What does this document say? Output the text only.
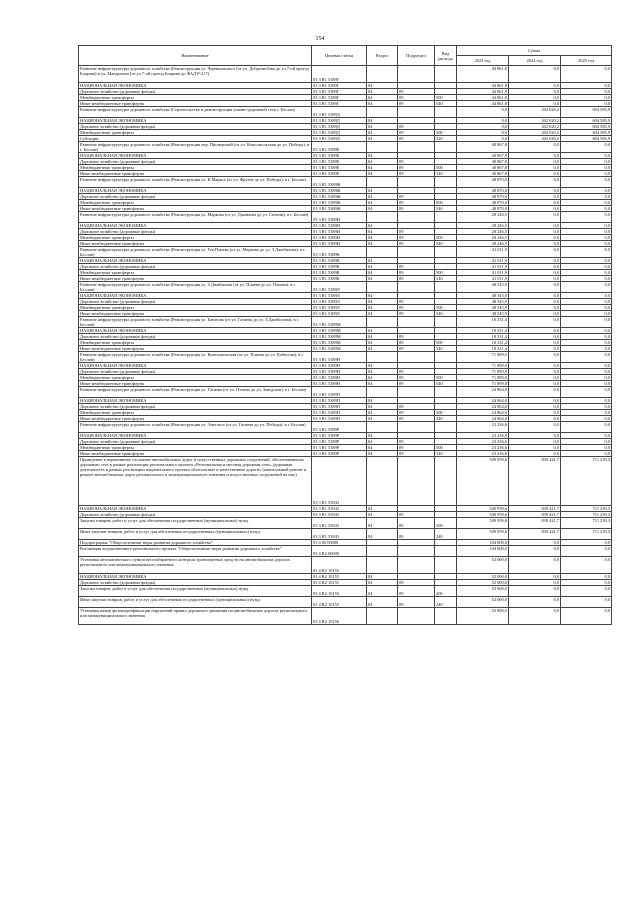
154
Наименование	Целевая статья	Раздел	Подраздел	Вид расхода	Сумма		
					2023 год	2024 год	2025 год
Развитие инфраструктуры дорожного хозяйства (Реконструкция ул. Черняховского (от ул. Добролюбова до ул.7-ой проезд Боярова) и ул. Мандычева (от ул.7-ой проезд Боярова до ФАД Р-217)	03 3 R1 5389Г				44 861,8	0,0	0,0
НАЦИОНАЛЬНАЯ ЭКОНОМИКА	03 3 R1 5389Г	04			44 861,8	0,0	0,0
Дорожное хозяйство (дорожные фонды)	03 3 R1 5389Г	04	09		44 861,8	0,0	0,0
Межбюджетные трансферты	03 3 R1 5389Г	04	09	500	44 861,8	0,0	0,0
Иные межбюджетные трансферты	03 3 R1 5389Г	04	09	540	44 861,8	0,0	0,0
Развитие инфраструктуры дорожного хозяйства (Строительство и реконструкция улично-дорожной сети г. Беслан)	03 3 R1 5389Д				0,0	202 020,2	694 585,9
НАЦИОНАЛЬНАЯ ЭКОНОМИКА	03 3 R1 5389Д	04			0,0	202 020,2	694 585,9
Дорожное хозяйство (дорожные фонды)	03 3 R1 5389Д	04	09		0,0	202 020,2	694 585,9
Межбюджетные трансферты	03 3 R1 5389Д	04	09	500	0,0	202 020,2	694 585,9
Субсидии	03 3 R1 5389Д	04	09	520	0,0	202 020,2	694 585,9
Развитие инфраструктуры дорожного хозяйства (Реконструкция пер. Пионерский (от ул. Комсомольская до ул. Победы), в г. Беслан)	03 3 R1 5389Е				40 867,8	0,0	0,0
НАЦИОНАЛЬНАЯ ЭКОНОМИКА	03 3 R1 5389Е	04			40 867,8	0,0	0,0
Дорожное хозяйство (дорожные фонды)	03 3 R1 5389Е	04	09		40 867,8	0,0	0,0
Межбюджетные трансферты	03 3 R1 5389Е	04	09	500	40 867,8	0,0	0,0
Иные межбюджетные трансферты	03 3 R1 5389Е	04	09	540	40 867,8	0,0	0,0
Развитие инфраструктуры дорожного хозяйства (Реконструкция ул. К.Маркса (от ул. Фрунзе до ул. Победы), в г. Беслан)	03 3 R1 5389Ж				48 870,0	0,0	0,0
НАЦИОНАЛЬНАЯ ЭКОНОМИКА	03 3 R1 5389Ж	04			48 870,0	0,0	0,0
Дорожное хозяйство (дорожные фонды)	03 3 R1 5389Ж	04	09		48 870,0	0,0	0,0
Межбюджетные трансферты	03 3 R1 5389Ж	04	09	500	48 870,0	0,0	0,0
Иные межбюджетные трансферты	03 3 R1 5389Ж	04	09	540	48 870,0	0,0	0,0
Развитие инфраструктуры дорожного хозяйства (Реконструкция ул. Маркова (от ул. Джанаева до ул. Гагиева), в г. Беслан)	03 3 R1 5389И				28 246,5	0,0	0,0
НАЦИОНАЛЬНАЯ ЭКОНОМИКА	03 3 R1 5389И	04			28 246,5	0,0	0,0
Дорожное хозяйство (дорожные фонды)	03 3 R1 5389И	04	09		28 246,5	0,0	0,0
Межбюджетные трансферты	03 3 R1 5389И	04	09	500	28 246,5	0,0	0,0
Иные межбюджетные трансферты	03 3 R1 5389И	04	09	540	28 246,5	0,0	0,0
Развитие инфраструктуры дорожного хозяйства (Реконструкция ул. Гек.Плиева (от ул. Маркова до ул. З.Джибилова), в г. Беслан)	03 3 R1 5389К				41 011,9	0,0	0,0
НАЦИОНАЛЬНАЯ ЭКОНОМИКА	03 3 R1 5389К	04			41 011,9	0,0	0,0
Дорожное хозяйство (дорожные фонды)	03 3 R1 5389К	04	09		41 011,9	0,0	0,0
Межбюджетные трансферты	03 3 R1 5389К	04	09	500	41 011,9	0,0	0,0
Иные межбюджетные трансферты	03 3 R1 5389К	04	09	540	41 011,9	0,0	0,0
Развитие инфраструктуры дорожного хозяйства (Реконструкция ул. З.Джибилова (от ул. Плиева до ул. Плиева), в г. Беслан)	03 3 R1 5389Л				48 545,9	0,0	0,0
НАЦИОНАЛЬНАЯ ЭКОНОМИКА	03 3 R1 5389Л	04			48 545,9	0,0	0,0
Дорожное хозяйство (дорожные фонды)	03 3 R1 5389Л	04	09		48 545,9	0,0	0,0
Межбюджетные трансферты	03 3 R1 5389Л	04	09	500	48 545,9	0,0	0,0
Иные межбюджетные трансферты	03 3 R1 5389Л	04	09	540	48 545,9	0,0	0,0
Развитие инфраструктуры дорожного хозяйства (Реконструкция ул. Батагова (от ул. Гагиева до ул. З.Джибилова), в г. Беслан)	03 3 R1 5389М				18 331,4	0,0	0,0
НАЦИОНАЛЬНАЯ ЭКОНОМИКА	03 3 R1 5389М	04			18 331,4	0,0	0,0
Дорожное хозяйство (дорожные фонды)	03 3 R1 5389М	04	09		18 331,4	0,0	0,0
Межбюджетные трансферты	03 3 R1 5389М	04	09	500	18 331,4	0,0	0,0
Иные межбюджетные трансферты	03 3 R1 5389М	04	09	540	18 331,4	0,0	0,0
Развитие инфраструктуры дорожного хозяйства (Реконструкция ул. Комсомольская (от ул. Плиева до ул. Кабисова), в г. Беслан)	03 3 R1 5389Н				71 899,0	0,0	0,0
НАЦИОНАЛЬНАЯ ЭКОНОМИКА	03 3 R1 5389Н	04			71 899,0	0,0	0,0
Дорожное хозяйство (дорожные фонды)	03 3 R1 5389Н	04	09		71 899,0	0,0	0,0
Межбюджетные трансферты	03 3 R1 5389Н	04	09	500	71 899,0	0,0	0,0
Иные межбюджетные трансферты	03 3 R1 5389Н	04	09	540	71 899,0	0,0	0,0
Развитие инфраструктуры дорожного хозяйства (Реконструкция ул. Гагиева (от ул. Плиева до ул. Заводская), в г. Беслан)	03 3 R1 5389П				24 864,0	0,0	0,0
НАЦИОНАЛЬНАЯ ЭКОНОМИКА	03 3 R1 5389П	04			24 864,0	0,0	0,0
Дорожное хозяйство (дорожные фонды)	03 3 R1 5389П	04	09		24 864,0	0,0	0,0
Межбюджетные трансферты	03 3 R1 5389П	04	09	500	24 864,0	0,0	0,0
Иные межбюджетные трансферты	03 3 R1 5389П	04	09	540	24 864,0	0,0	0,0
Развитие инфраструктуры дорожного хозяйства (Реконструкция ул. Энгельса (от ул. Гагиева до ул. Победы), в г. Беслан)	03 3 R1 5389Р				23 236,6	0,0	0,0
НАЦИОНАЛЬНАЯ ЭКОНОМИКА	03 3 R1 5389Р	04			23 236,6	0,0	0,0
Дорожное хозяйство (дорожные фонды)	03 3 R1 5389Р	04	09		23 236,6	0,0	0,0
Межбюджетные трансферты	03 3 R1 5389Р	04	09	500	23 236,6	0,0	0,0
Иные межбюджетные трансферты	03 3 R1 5389Р	04	09	540	23 236,6	0,0	0,0
Приведение в нормативное состояние автомобильных дорог и искусственных дорожных сооружений, обеспечивающих дорожную сеть в рамках реализации регионального проекта «Региональная и местная дорожная сеть» (дорожная деятельность в рамках реализации национального проекта «Безопасные и качественные дороги» (капитальный ремонт и ремонт автомобильных дорог регионального и межмуниципального значения и искусственных сооружений на них)	03 3 R1 53943				549 959,6	839 421,7	711 239,3
НАЦИОНАЛЬНАЯ ЭКОНОМИКА	03 3 R1 53943	04			549 959,6	839 421,7	711 239,3
Дорожное хозяйство (дорожные фонды)	03 3 R1 53943	04	09		549 959,6	839 421,7	711 239,3
Закупка товаров, работ и услуг для обеспечения государственных (муниципальных) нужд	03 3 R1 53943	04	09	200	549 959,6	839 421,7	711 239,3
Иные закупки товаров, работ и услуг для обеспечения государственных (муниципальных) нужд	03 3 R1 53943	04	09	240	549 959,6	839 421,7	711 239,3
Подпрограмма "Общесистемные меры развития дорожного хозяйства"	03 4 00 00000				104 800,0	0,0	0,0
Реализация ведомственного регионального проекта "Общесистемные меры развития дорожного хозяйства"	03 4 R2 00000				104 800,0	0,0	0,0
Установка автоматического пункта весогабаритного контроля транспортных средств на автомобильных дорогах регионального или межмуниципального значения	03 4 R2 10155				52 000,0	0,0	0,0
НАЦИОНАЛЬНАЯ ЭКОНОМИКА	03 4 R2 10155	04			52 000,0	0,0	0,0
Дорожное хозяйство (дорожные фонды)	03 4 R2 10155	04	09		52 000,0	0,0	0,0
Закупка товаров, работ и услуг для обеспечения государственных (муниципальных) нужд	03 4 R2 10155	04	09	200	52 000,0	0,0	0,0
Иные закупки товаров, работ и услуг для обеспечения государственных (муниципальных) нужд	03 4 R2 10155	04	09	240	52 000,0	0,0	0,0
Установка камер фотовидеофиксации нарушений правил дорожного движения на автомобильных дорогах регионального или межмуниципального значения	03 4 R2 10156				52 800,0	0,0	0,0
